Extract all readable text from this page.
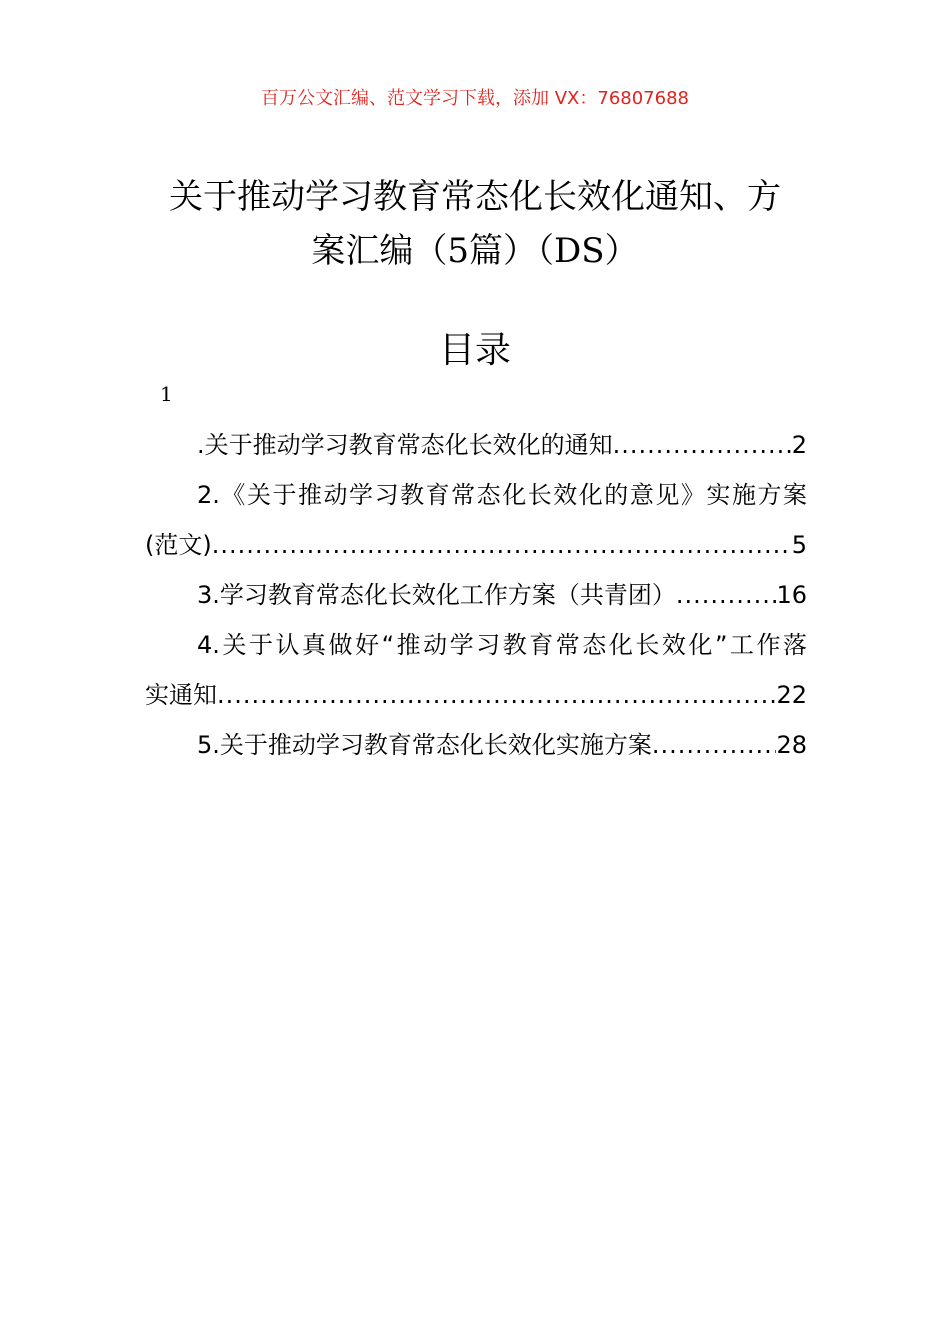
百万公文汇编、范文学习下载，添加 VX：76807688
关于推动学习教育常态化长效化通知、方
案汇编（5篇）（DS）
目录
1
.关于推动学习教育常态化长效化的通知 .....	2
2.《关于推动学习教育常态化长效化的意见》实施方案
(范文) .....	5
3.学习教育常态化长效化工作方案（共青团） .....	16
4.关于认真做好“推动学习教育常态化长效化”工作落
实通知 .....	22
5.关于推动学习教育常态化长效化实施方案 .....	28
